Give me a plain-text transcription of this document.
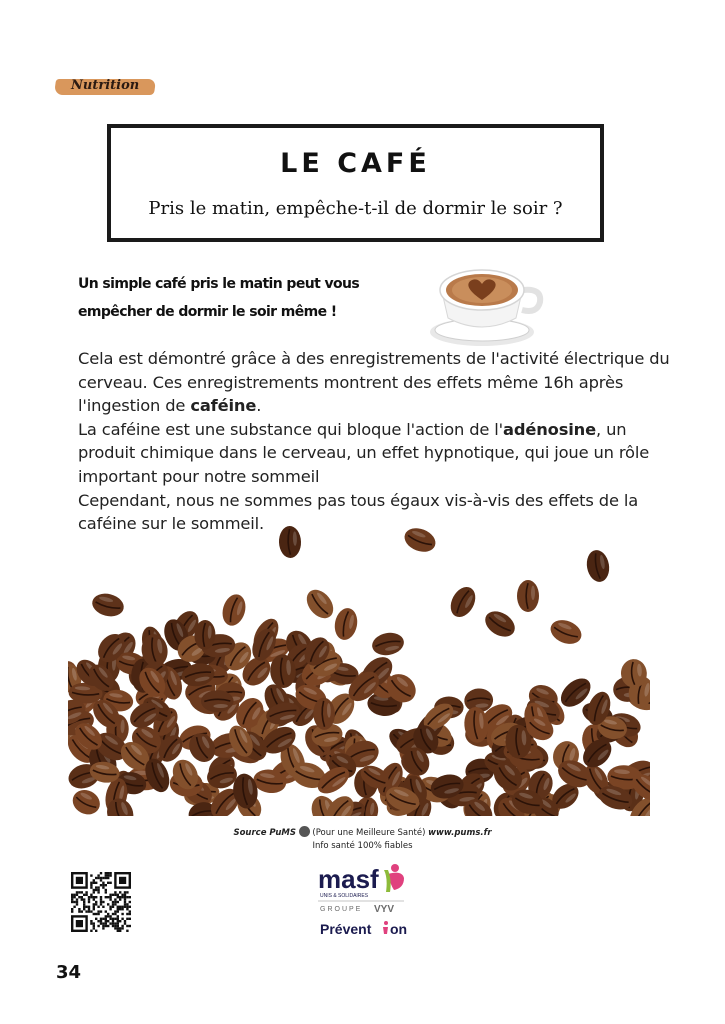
Nutrition
LE CAFÉ
Pris le matin, empêche-t-il de dormir le soir ?
Un simple café pris le matin peut vous
empêcher de dormir le soir même !

Cela est démontré grâce à des enregistrements de l'activité électrique du cerveau. Ces enregistrements montrent des effets même 16h après l'ingestion de caféine.

La caféine est une substance qui bloque l'action de l'adénosine, un produit chimique dans le cerveau, un effet hypnotique, qui joue un rôle important pour notre sommeil

Cependant, nous ne sommes pas tous égaux vis-à-vis des effets de la caféine sur le sommeil.

Source PuMS (Pour une Meilleure Santé) www.pums.fr
Info santé 100% fiables
masf
UNIS & SOLIDAIRES
GROUPE VYV
Prévent on
34
